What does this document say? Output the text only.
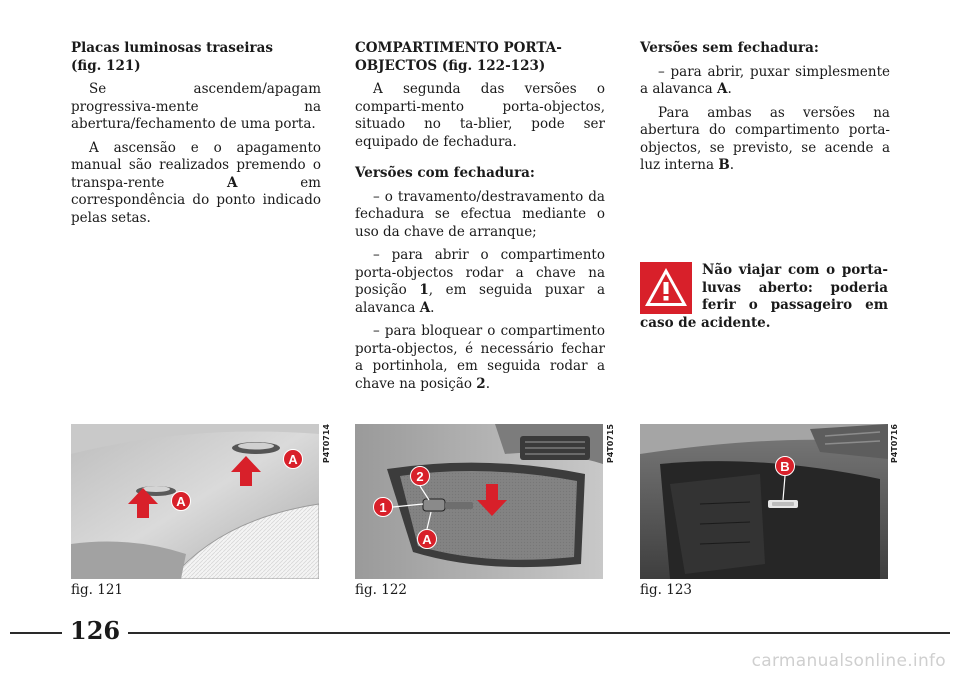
Placas luminosas traseiras
(fig. 121)

Se ascendem/apagam progressiva-mente na abertura/fechamento de uma porta.

A ascensão e o apagamento manual são realizados premendo o transpa-rente A em correspondência do ponto indicado pelas setas.

COMPARTIMENTO PORTA-
OBJECTOS (fig. 122-123)

A segunda das versões o comparti-mento porta-objectos, situado no ta-blier, pode ser equipado de fechadura.

Versões com fechadura:

– o travamento/destravamento da fechadura se efectua mediante o uso da chave de arranque;

– para abrir o compartimento porta-objectos rodar a chave na posição 1, em seguida puxar a alavanca A.

– para bloquear o compartimento porta-objectos, é necessário fechar a portinhola, em seguida rodar a chave na posição 2.

Versões sem fechadura:

– para abrir, puxar simplesmente a alavanca A.

Para ambas as versões na abertura do compartimento porta-objectos, se previsto, se acende a luz interna B.

Não viajar com o porta-luvas aberto: poderia ferir o passageiro em caso de acidente.
A
A
P4T0714
2
1
A
P4T0715
B
P4T0716
fig. 121	fig. 122	fig. 123
126
carmanualsonline.info
